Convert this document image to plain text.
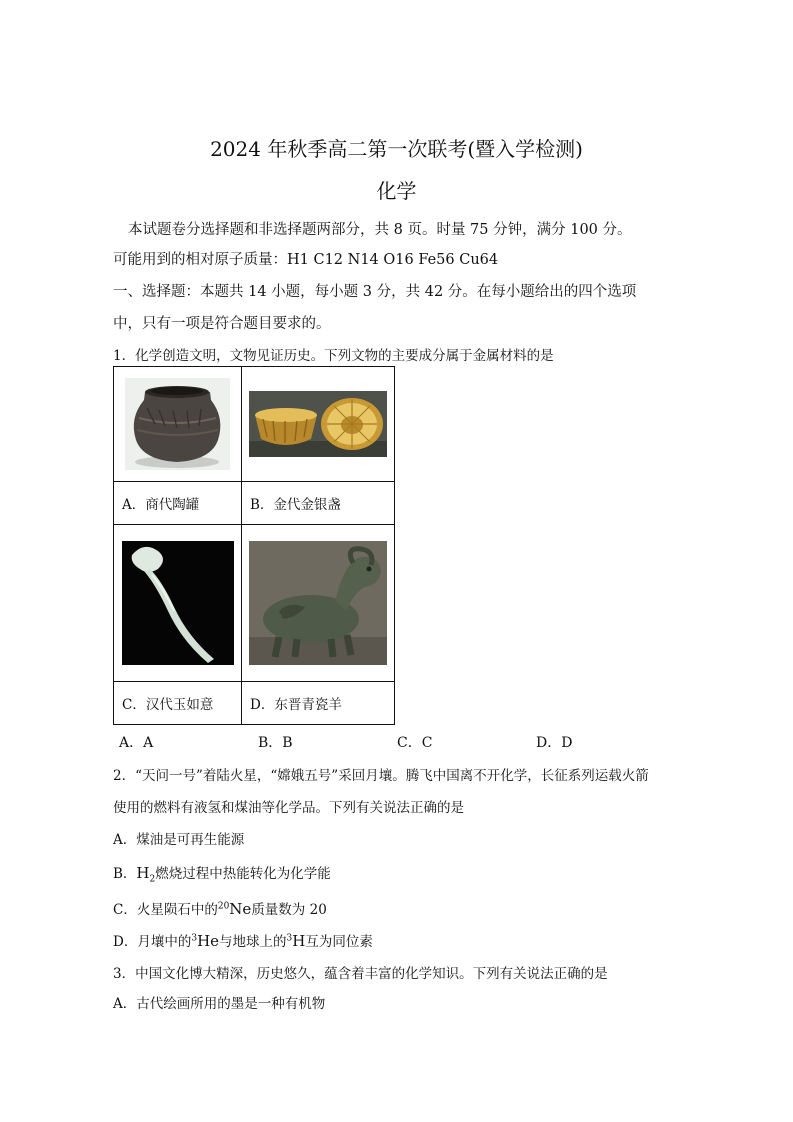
2024 年秋季高二第一次联考(暨入学检测)
化学
本试题卷分选择题和非选择题两部分，共 8 页。时量 75 分钟，满分 100 分。
可能用到的相对原子质量：H1 C12 N14 O16 Fe56 Cu64
一、选择题：本题共 14 小题，每小题 3 分，共 42 分。在每小题给出的四个选项
中，只有一项是符合题目要求的。
1．化学创造文明，文物见证历史。下列文物的主要成分属于金属材料的是

A．商代陶罐	B．金代金银盏

C．汉代玉如意	D．东晋青瓷羊
A．A	B．B	C．C	D．D
2．“天问一号”着陆火星，“嫦娥五号”采回月壤。腾飞中国离不开化学，长征系列运载火箭
使用的燃料有液氢和煤油等化学品。下列有关说法正确的是
A．煤油是可再生能源
B．$H_2$燃烧过程中热能转化为化学能
C．火星陨石中的$^{20}$Ne质量数为 20
D．月壤中的$^3$He与地球上的$^3$H互为同位素
3．中国文化博大精深，历史悠久，蕴含着丰富的化学知识。下列有关说法正确的是
A．古代绘画所用的墨是一种有机物
